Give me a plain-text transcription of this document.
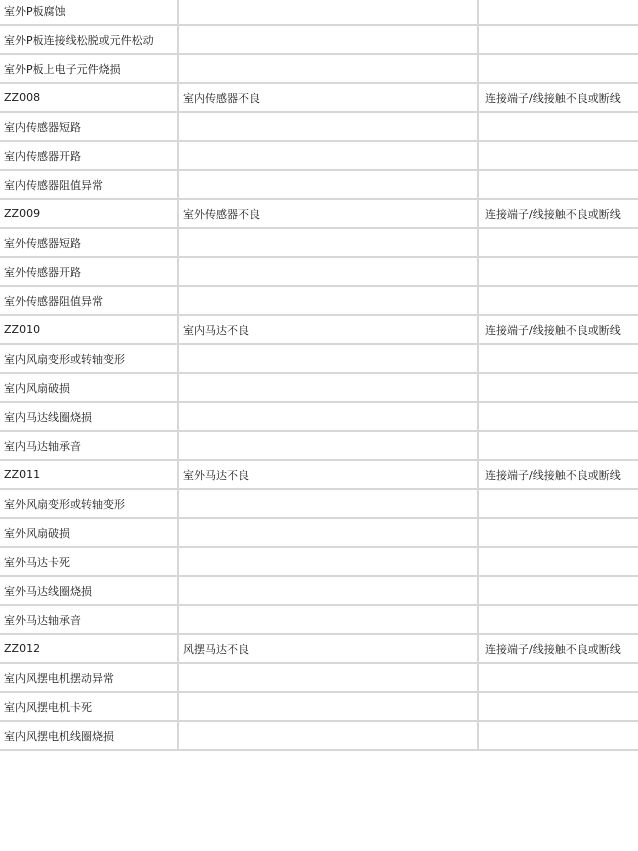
室外P板腐蚀		
室外P板连接线松脱或元件松动		
室外P板上电子元件烧损		
ZZ008	室内传感器不良	连接端子/线接触不良或断线
室内传感器短路		
室内传感器开路		
室内传感器阻值异常		
ZZ009	室外传感器不良	连接端子/线接触不良或断线
室外传感器短路		
室外传感器开路		
室外传感器阻值异常		
ZZ010	室内马达不良	连接端子/线接触不良或断线
室内风扇变形或转轴变形		
室内风扇破损		
室内马达线圈烧损		
室内马达轴承音		
ZZ011	室外马达不良	连接端子/线接触不良或断线
室外风扇变形或转轴变形		
室外风扇破损		
室外马达卡死		
室外马达线圈烧损		
室外马达轴承音		
ZZ012	风摆马达不良	连接端子/线接触不良或断线
室内风摆电机摆动异常		
室内风摆电机卡死		
室内风摆电机线圈烧损		
